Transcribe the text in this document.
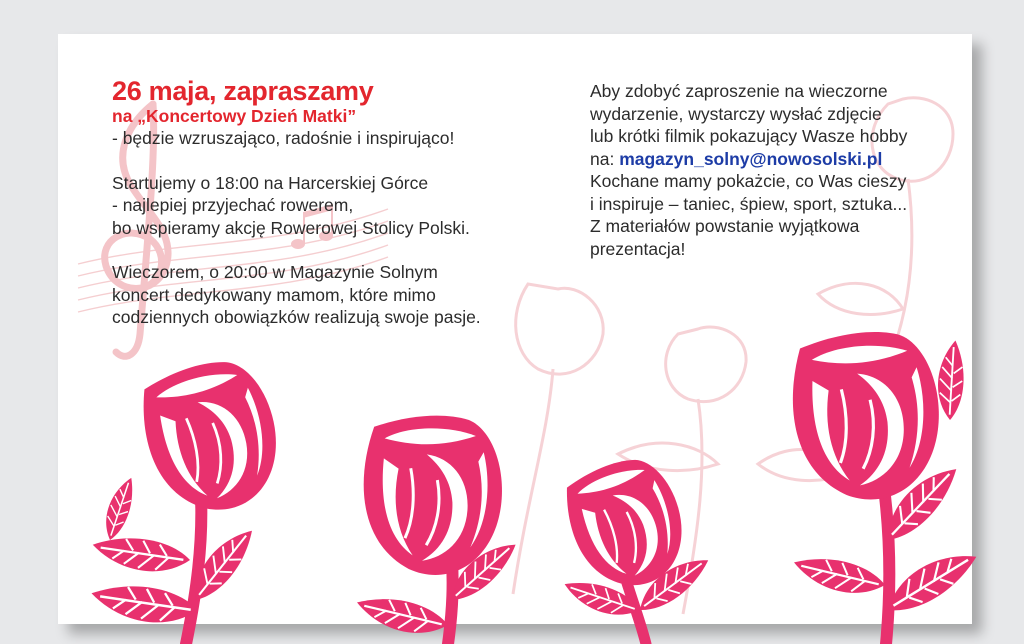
26 maja, zapraszamy
na „Koncertowy Dzień Matki”
- będzie wzruszająco, radośnie i inspirująco!
Startujemy o 18:00 na Harcerskiej Górce
- najlepiej przyjechać rowerem,
bo wspieramy akcję Rowerowej Stolicy Polski.
Wieczorem, o 20:00 w Magazynie Solnym
koncert dedykowany mamom, które mimo
codziennych obowiązków realizują swoje pasje.
Aby zdobyć zaproszenie na wieczorne
wydarzenie, wystarczy wysłać zdjęcie
lub krótki filmik pokazujący Wasze hobby
na: magazyn_solny@nowosolski.pl
Kochane mamy pokażcie, co Was cieszy
i inspiruje – taniec, śpiew, sport, sztuka...
Z materiałów powstanie wyjątkowa
prezentacja!
